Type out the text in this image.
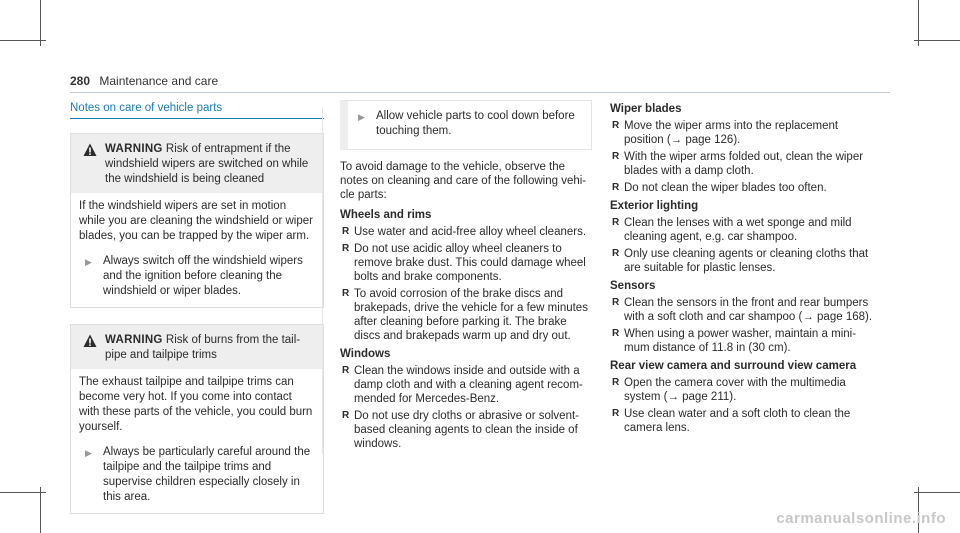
280 Maintenance and care
Notes on care of vehicle parts
WARNING Risk of entrapment if the windshield wipers are switched on while the windshield is being cleaned
If the windshield wipers are set in motion while you are cleaning the windshield or wiper blades, you can be trapped by the wiper arm.
▶ Always switch off the windshield wipers and the ignition before cleaning the windshield or wiper blades.
WARNING Risk of burns from the tail-pipe and tailpipe trims
The exhaust tailpipe and tailpipe trims can become very hot. If you come into contact with these parts of the vehicle, you could burn yourself.
▶ Always be particularly careful around the tailpipe and the tailpipe trims and supervise children especially closely in this area.
▶ Allow vehicle parts to cool down before touching them.
To avoid damage to the vehicle, observe the notes on cleaning and care of the following vehi-cle parts:
Wheels and rims
R Use water and acid-free alloy wheel cleaners.
R Do not use acidic alloy wheel cleaners to remove brake dust. This could damage wheel bolts and brake components.
R To avoid corrosion of the brake discs and brakepads, drive the vehicle for a few minutes after cleaning before parking it. The brake discs and brakepads warm up and dry out.
Windows
R Clean the windows inside and outside with a damp cloth and with a cleaning agent recom-mended for Mercedes-Benz.
R Do not use dry cloths or abrasive or solvent-based cleaning agents to clean the inside of windows.
Wiper blades
R Move the wiper arms into the replacement position (→ page 126).
R With the wiper arms folded out, clean the wiper blades with a damp cloth.
R Do not clean the wiper blades too often.
Exterior lighting
R Clean the lenses with a wet sponge and mild cleaning agent, e.g. car shampoo.
R Only use cleaning agents or cleaning cloths that are suitable for plastic lenses.
Sensors
R Clean the sensors in the front and rear bumpers with a soft cloth and car shampoo (→ page 168).
R When using a power washer, maintain a mini-mum distance of 11.8 in (30 cm).
Rear view camera and surround view camera
R Open the camera cover with the multimedia system (→ page 211).
R Use clean water and a soft cloth to clean the camera lens.
carmanualsonline.info
